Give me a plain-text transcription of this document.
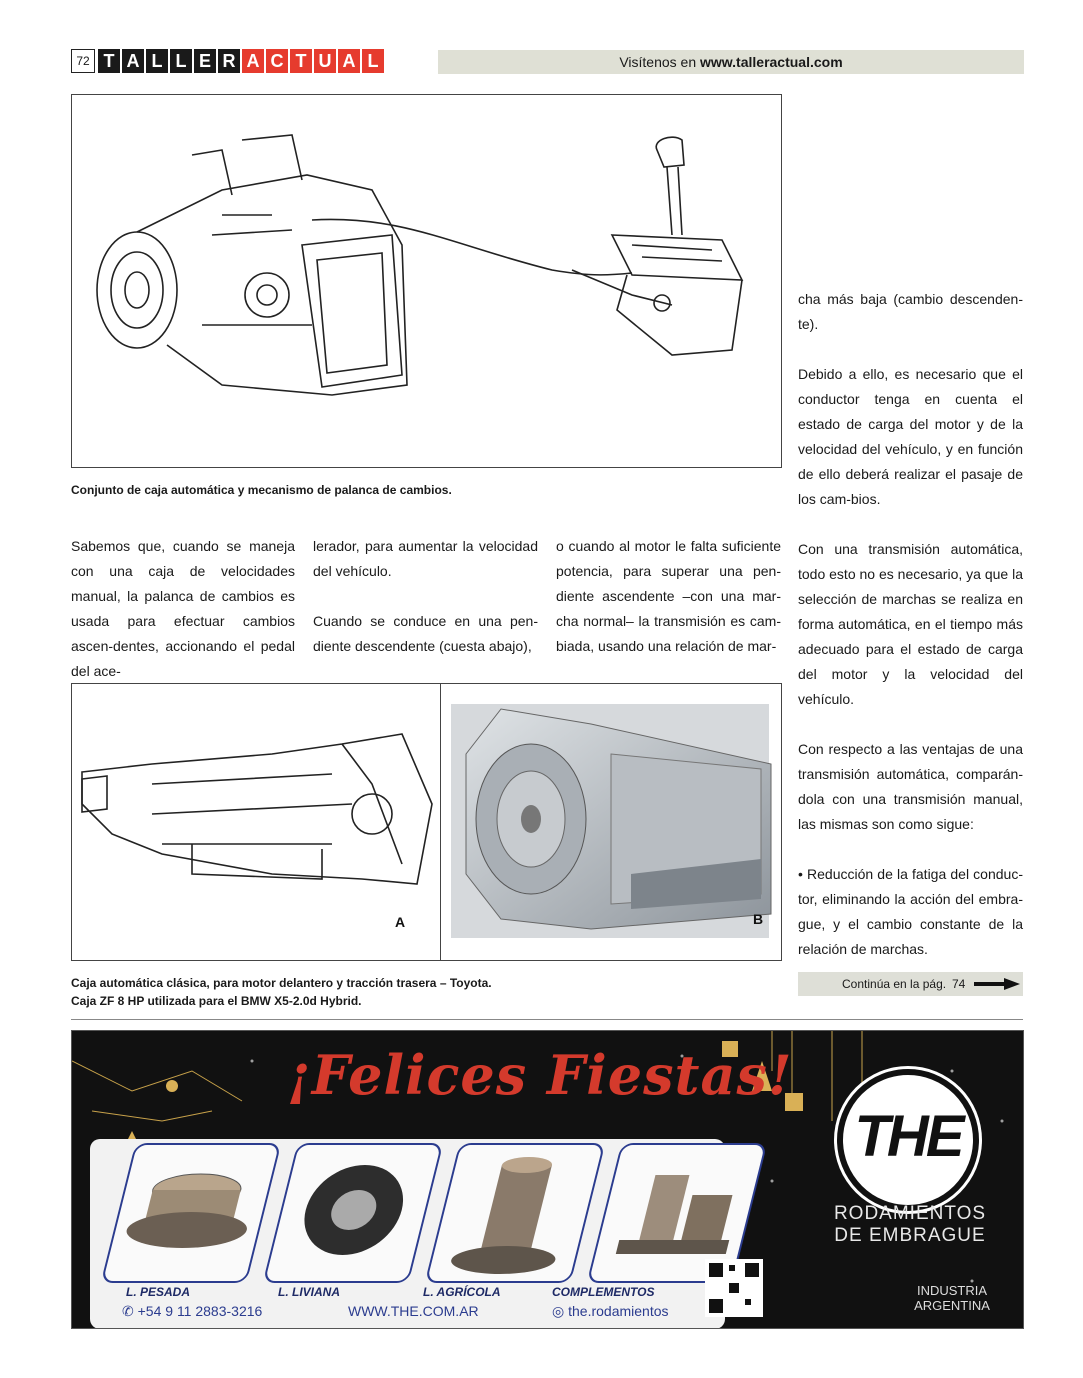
72 T A L L E R A C T U A L	Visítenos en www.talleractual.com
Conjunto de caja automática y mecanismo de palanca de cambios.

Sabemos que, cuando se maneja con una caja de velocidades manual, la palanca de cambios es usada para efectuar cambios ascen-dentes, accionando el pedal del ace-

lerador, para aumentar la velocidad del vehículo.

Cuando se conduce en una pen-diente descendente (cuesta abajo),

o cuando al motor le falta suficiente potencia, para superar una pen-diente ascendente –con una mar-cha normal– la transmisión es cam-biada, usando una relación de mar-

cha más baja (cambio descenden-te).

Debido a ello, es necesario que el conductor tenga en cuenta el estado de carga del motor y de la velocidad del vehículo, y en función de ello deberá realizar el pasaje de los cam-bios.

Con una transmisión automática, todo esto no es necesario, ya que la selección de marchas se realiza en forma automática, en el tiempo más adecuado para el estado de carga del motor y la velocidad del vehículo.

Con respecto a las ventajas de una transmisión automática, comparán-dola con una transmisión manual, las mismas son como sigue:

• Reducción de la fatiga del conduc-tor, eliminando la acción del embra-gue, y el cambio constante de la relación de marchas.

Continúa en la pág. 74
A	B
Caja automática clásica, para motor delantero y tracción trasera – Toyota.
Caja ZF 8 HP utilizada para el BMW X5-2.0d Hybrid.
¡Felices Fiestas!
L. PESADA	L. LIVIANA	L. AGRÍCOLA	COMPLEMENTOS
✆ +54 9 11 2883-3216	WWW.THE.COM.AR	◎ the.rodamientos
THE
RODAMIENTOS
DE EMBRAGUE
INDUSTRIA
ARGENTINA
